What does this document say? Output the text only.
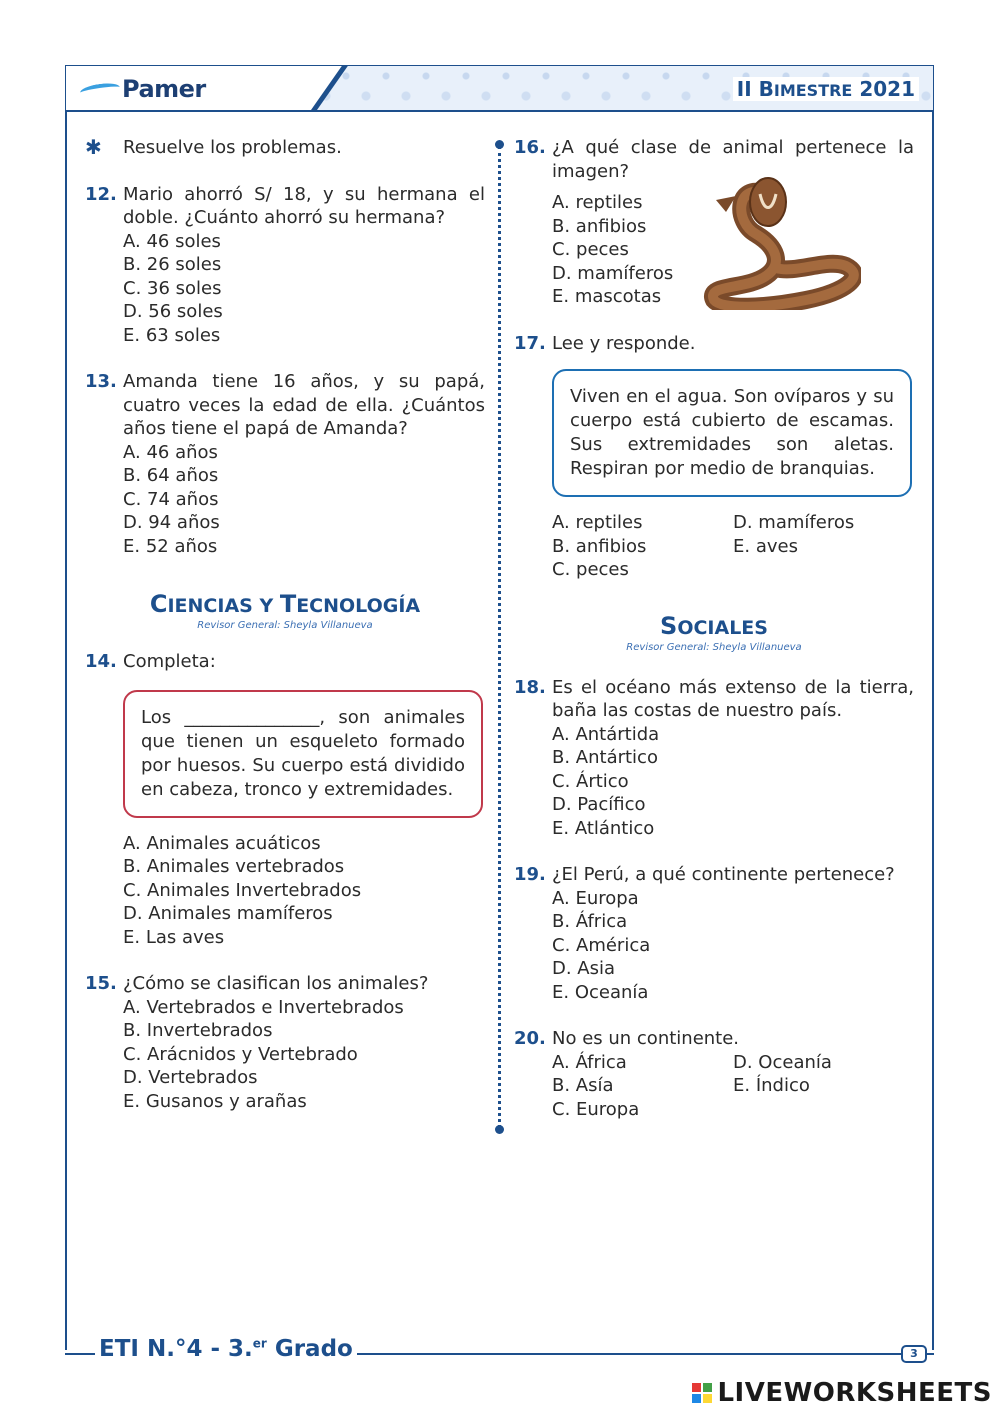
Pamer	II BIMESTRE 2021
✱	Resuelve los problemas.
12. Mario ahorró S/ 18, y su hermana el doble. ¿Cuánto ahorró su hermana?
A. 46 soles
B. 26 soles
C. 36 soles
D. 56 soles
E. 63 soles
13. Amanda tiene 16 años, y su papá, cuatro veces la edad de ella. ¿Cuántos años tiene el papá de Amanda?
A. 46 años
B. 64 años
C. 74 años
D. 94 años
E. 52 años
CIENCIAS Y TECNOLOGÍA
Revisor General: Sheyla Villanueva
14. Completa:
Los _______________, son animales que tienen un esqueleto formado por huesos. Su cuerpo está dividido en cabeza, tronco y extremidades.
A. Animales acuáticos
B. Animales vertebrados
C. Animales Invertebrados
D. Animales mamíferos
E. Las aves
15. ¿Cómo se clasifican los animales?
A. Vertebrados e Invertebrados
B. Invertebrados
C. Arácnidos y Vertebrado
D. Vertebrados
E. Gusanos y arañas
16. ¿A qué clase de animal pertenece la imagen?
A. reptiles
B. anfibios
C. peces
D. mamíferos
E. mascotas
17. Lee y responde.
Viven en el agua. Son ovíparos y su cuerpo está cubierto de escamas. Sus extremidades son aletas. Respiran por medio de branquias.
A. reptiles
B. anfibios
C. peces
D. mamíferos
E. aves
SOCIALES
Revisor General: Sheyla Villanueva
18. Es el océano más extenso de la tierra, baña las costas de nuestro país.
A. Antártida
B. Antártico
C. Ártico
D. Pacífico
E. Atlántico
19. ¿El Perú, a qué continente pertenece?
A. Europa
B. África
C. América
D. Asia
E. Oceanía
20. No es un continente.
A. África
B. Asía
C. Europa
D. Oceanía
E. Índico
ETI N.°4 - 3.$^{er}$ Grado	3
LIVEWORKSHEETS
